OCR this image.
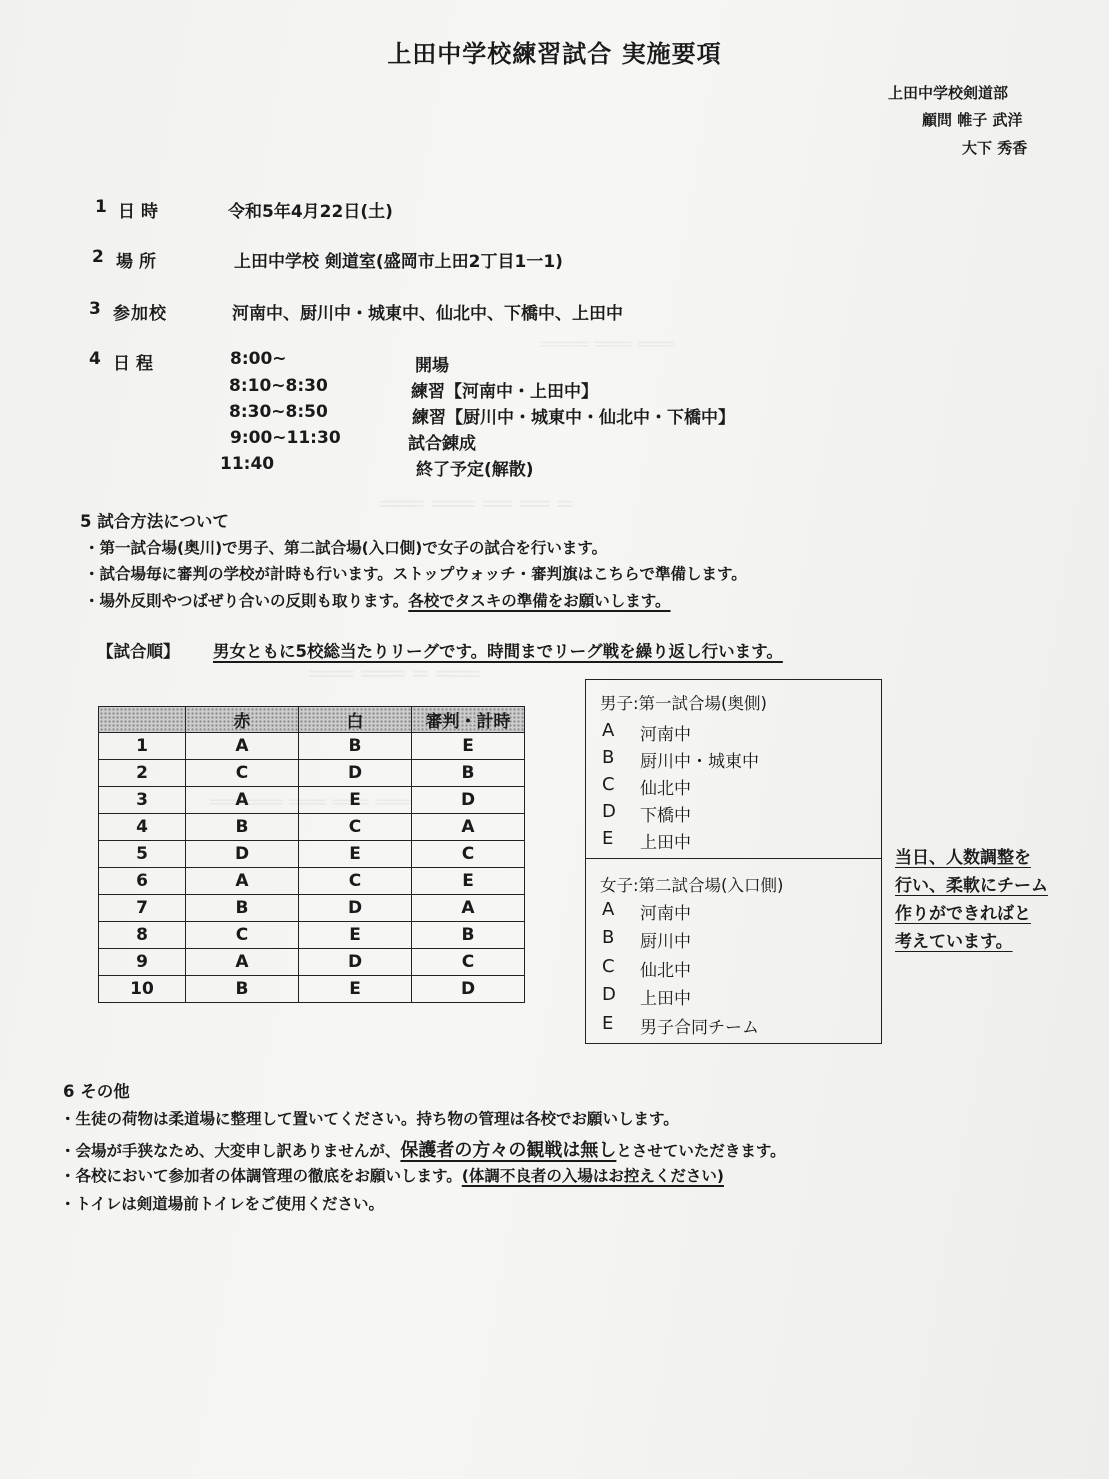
上田中学校練習試合 実施要項
上田中学校剣道部
顧問 帷子 武洋
大下 秀香
1 日時	令和5年4月22日(土)
2 場所	上田中学校 剣道室(盛岡市上田2丁目1一1)
3 参加校	河南中、厨川中・城東中、仙北中、下橋中、上田中
4 日程	8:00~	開場
8:10~8:30	練習【河南中・上田中】
8:30~8:50	練習【厨川中・城東中・仙北中・下橋中】
9:00~11:30	試合錬成
11:40	終了予定(解散)
5 試合方法について
・第一試合場(奥川)で男子、第二試合場(入口側)で女子の試合を行います。
・試合場毎に審判の学校が計時も行います。ストップウォッチ・審判旗はこちらで準備します。
・場外反則やつばぜり合いの反則も取ります。各校でタスキの準備をお願いします。
【試合順】 男女ともに5校総当たりリーグです。時間までリーグ戦を繰り返し行います。
	赤	白	審判・計時
1	A	B	E
2	C	D	B
3	A	E	D
4	B	C	A
5	D	E	C
6	A	C	E
7	B	D	A
8	C	E	B
9	A	D	C
10	B	E	D
男子:第一試合場(奥側)
A	河南中
B	厨川中・城東中
C	仙北中
D	下橋中
E	上田中
女子:第二試合場(入口側)
A	河南中
B	厨川中
C	仙北中
D	上田中
E	男子合同チーム
当日、人数調整を
行い、柔軟にチーム
作りができればと
考えています。
6 その他
・生徒の荷物は柔道場に整理して置いてください。持ち物の管理は各校でお願いします。
・会場が手狭なため、大変申し訳ありませんが、保護者の方々の観戦は無しとさせていただきます。
・各校において参加者の体調管理の徹底をお願いします。(体調不良者の入場はお控えください)
・トイレは剣道場前トイレをご使用ください。
